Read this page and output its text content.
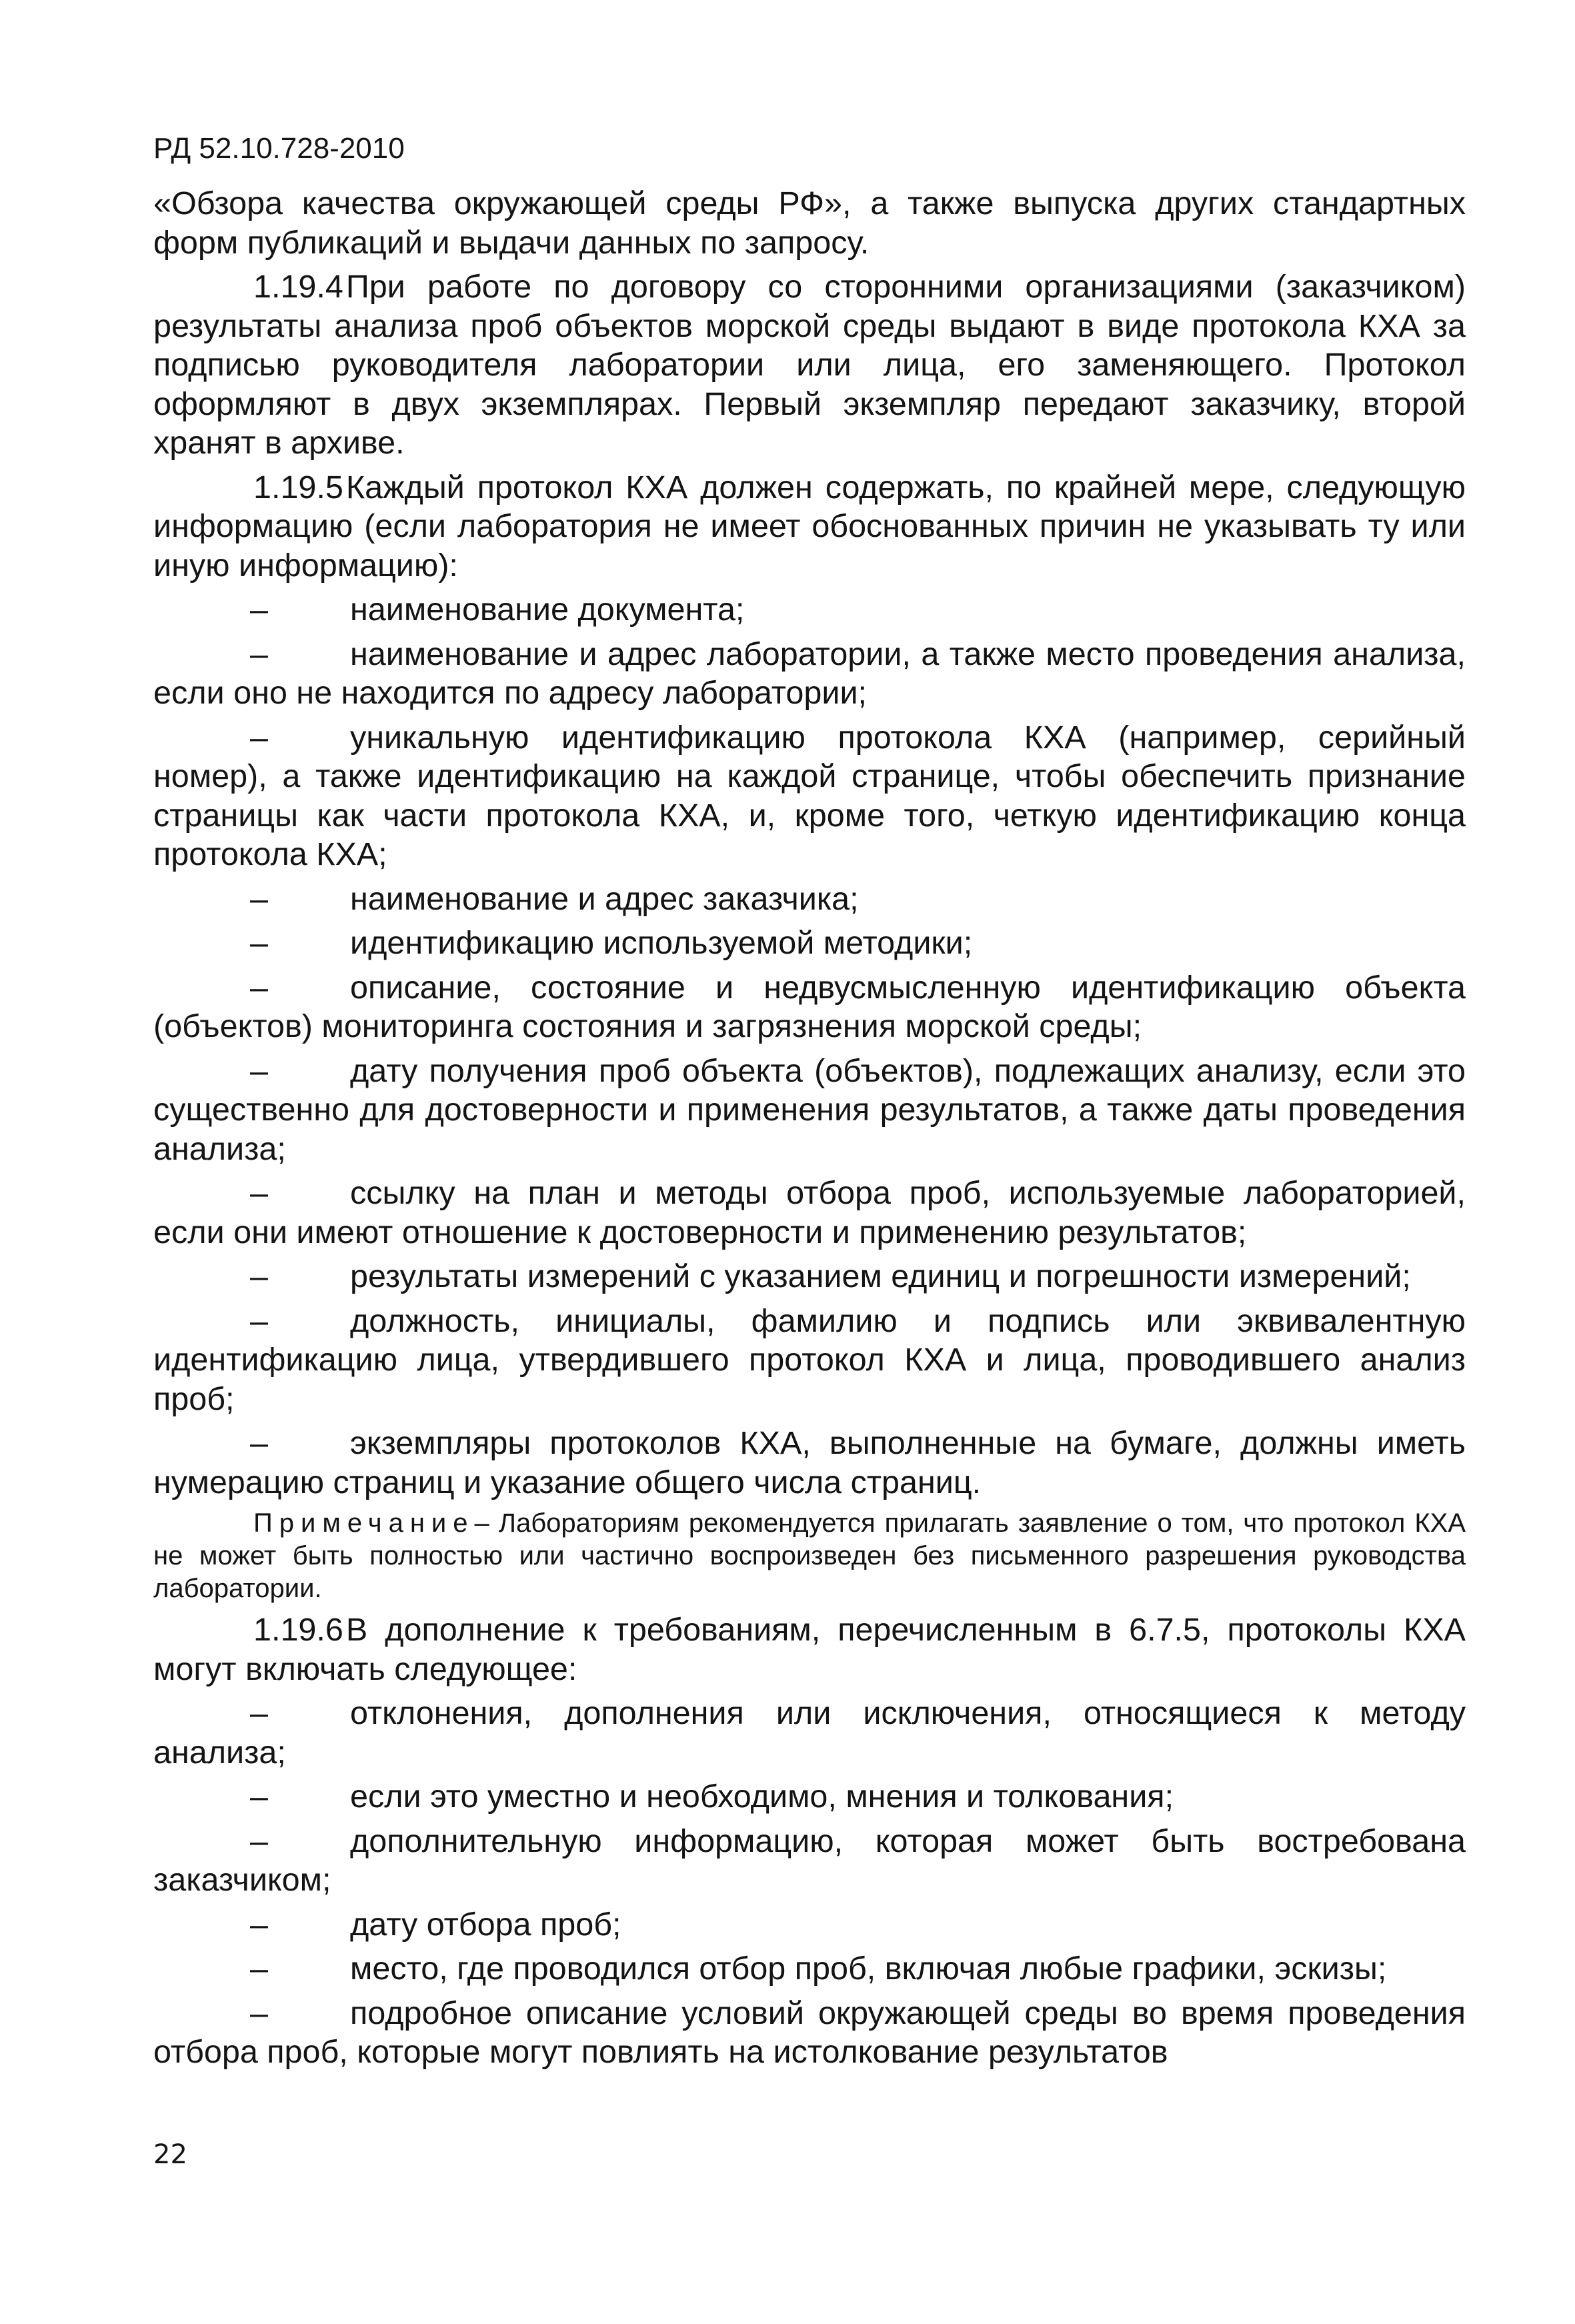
РД 52.10.728-2010

«Обзора качества окружающей среды РФ», а также выпуска других стандартных форм публикаций и выдачи данных по запросу.

1.19.4При работе по договору со сторонними организациями (заказчиком) результаты анализа проб объектов морской среды выдают в виде протокола КХА за подписью руководителя лаборатории или лица, его заменяющего. Протокол оформляют в двух экземплярах. Первый экземпляр передают заказчику, второй хранят в архиве.

1.19.5Каждый протокол КХА должен содержать, по крайней мере, следующую информацию (если лаборатория не имеет обоснованных причин не указывать ту или иную информацию):

–	наименование документа;

–	наименование и адрес лаборатории, а также место проведения анализа, если оно не находится по адресу лаборатории;

–	уникальную идентификацию протокола КХА (например, серийный номер), а также идентификацию на каждой странице, чтобы обеспечить признание страницы как части протокола КХА, и, кроме того, четкую идентификацию конца протокола КХА;

–	наименование и адрес заказчика;

–	идентификацию используемой методики;

–	описание, состояние и недвусмысленную идентификацию объекта (объектов) мониторинга состояния и загрязнения морской среды;

–	дату получения проб объекта (объектов), подлежащих анализу, если это существенно для достоверности и применения результатов, а также даты проведения анализа;

–	ссылку на план и методы отбора проб, используемые лабораторией, если они имеют отношение к достоверности и применению результатов;

–	результаты измерений с указанием единиц и погрешности измерений;

–	должность, инициалы, фамилию и подпись или эквивалентную идентификацию лица, утвердившего протокол КХА и лица, проводившего анализ проб;

–	экземпляры протоколов КХА, выполненные на бумаге, должны иметь нумерацию страниц и указание общего числа страниц.

Примечание– Лабораториям рекомендуется прилагать заявление о том, что протокол КХА не может быть полностью или частично воспроизведен без письменного разрешения руководства лаборатории.

1.19.6В дополнение к требованиям, перечисленным в 6.7.5, протоколы КХА могут включать следующее:

–	отклонения, дополнения или исключения, относящиеся к методу анализа;

–	если это уместно и необходимо, мнения и толкования;

–	дополнительную информацию, которая может быть востребована заказчиком;

–	дату отбора проб;

–	место, где проводился отбор проб, включая любые графики, эскизы;

–	подробное описание условий окружающей среды во время проведения отбора проб, которые могут повлиять на истолкование результатов

22
